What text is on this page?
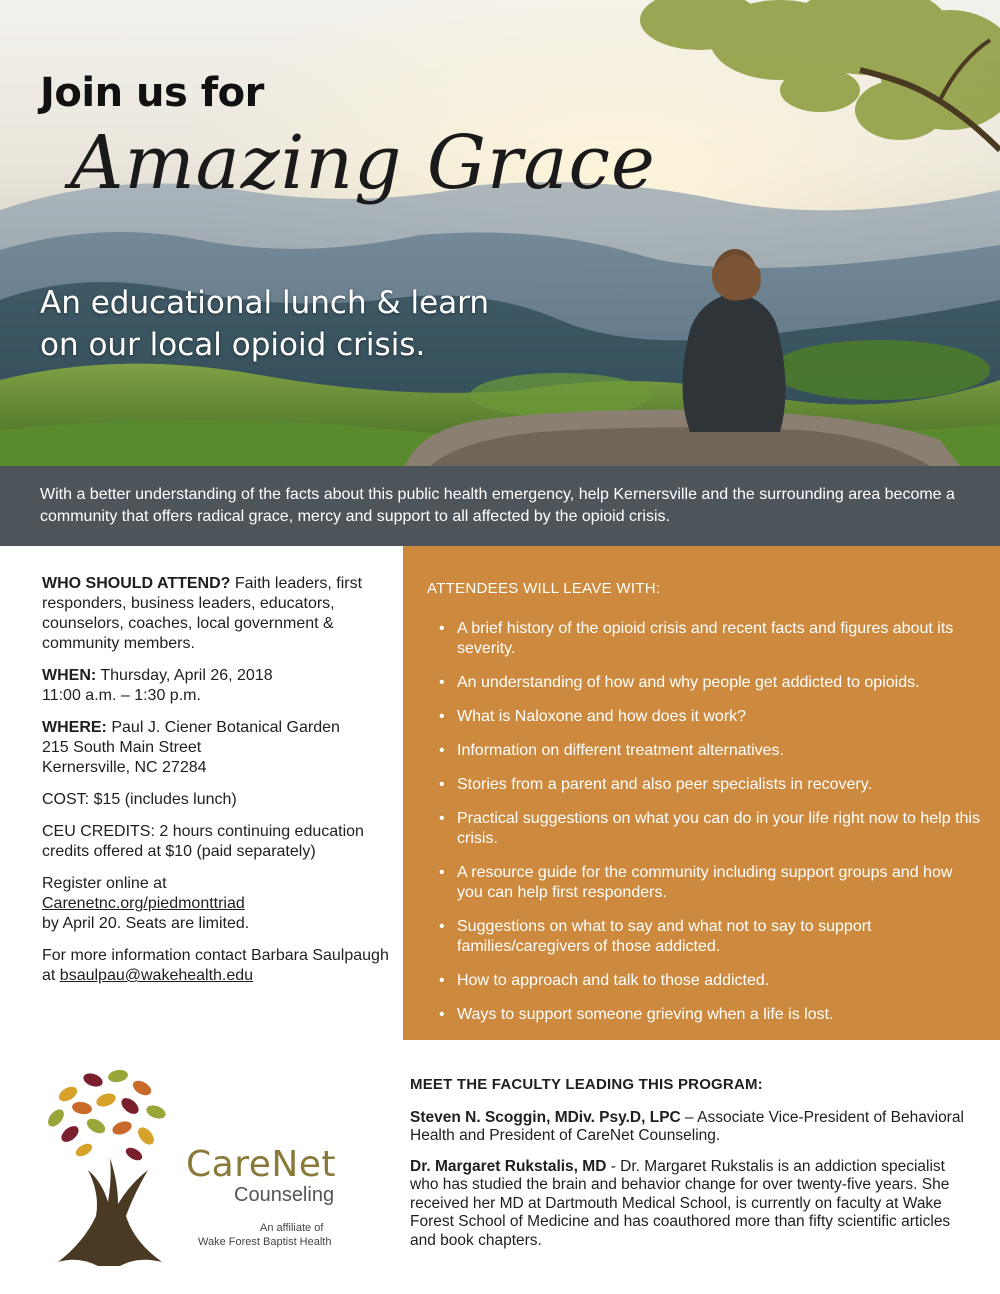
Join us for
Amazing Grace
An educational lunch & learn
on our local opioid crisis.
With a better understanding of the facts about this public health emergency, help Kernersville and the surrounding area become a community that offers radical grace, mercy and support to all affected by the opioid crisis.

WHO SHOULD ATTEND? Faith leaders, first responders, business leaders, educators, counselors, coaches, local government & community members.

WHEN: Thursday, April 26, 2018
11:00 a.m. – 1:30 p.m.

WHERE: Paul J. Ciener Botanical Garden
215 South Main Street
Kernersville, NC 27284

COST: $15 (includes lunch)

CEU CREDITS: 2 hours continuing education credits offered at $10 (paid separately)

Register online at
Carenetnc.org/piedmonttriad
by April 20. Seats are limited.

For more information contact Barbara Saulpaugh at bsaulpau@wakehealth.edu

ATTENDEES WILL LEAVE WITH:
• A brief history of the opioid crisis and recent facts and figures about its severity.
• An understanding of how and why people get addicted to opioids.
• What is Naloxone and how does it work?
• Information on different treatment alternatives.
• Stories from a parent and also peer specialists in recovery.
• Practical suggestions on what you can do in your life right now to help this crisis.
• A resource guide for the community including support groups and how you can help first responders.
• Suggestions on what to say and what not to say to support families/caregivers of those addicted.
• How to approach and talk to those addicted.
• Ways to support someone grieving when a life is lost.
CareNet
Counseling
An affiliate of
Wake Forest Baptist Health
MEET THE FACULTY LEADING THIS PROGRAM:

Steven N. Scoggin, MDiv. Psy.D, LPC – Associate Vice-President of Behavioral Health and President of CareNet Counseling.

Dr. Margaret Rukstalis, MD - Dr. Margaret Rukstalis is an addiction specialist who has studied the brain and behavior change for over twenty-five years. She received her MD at Dartmouth Medical School, is currently on faculty at Wake Forest School of Medicine and has coauthored more than fifty scientific articles and book chapters.
